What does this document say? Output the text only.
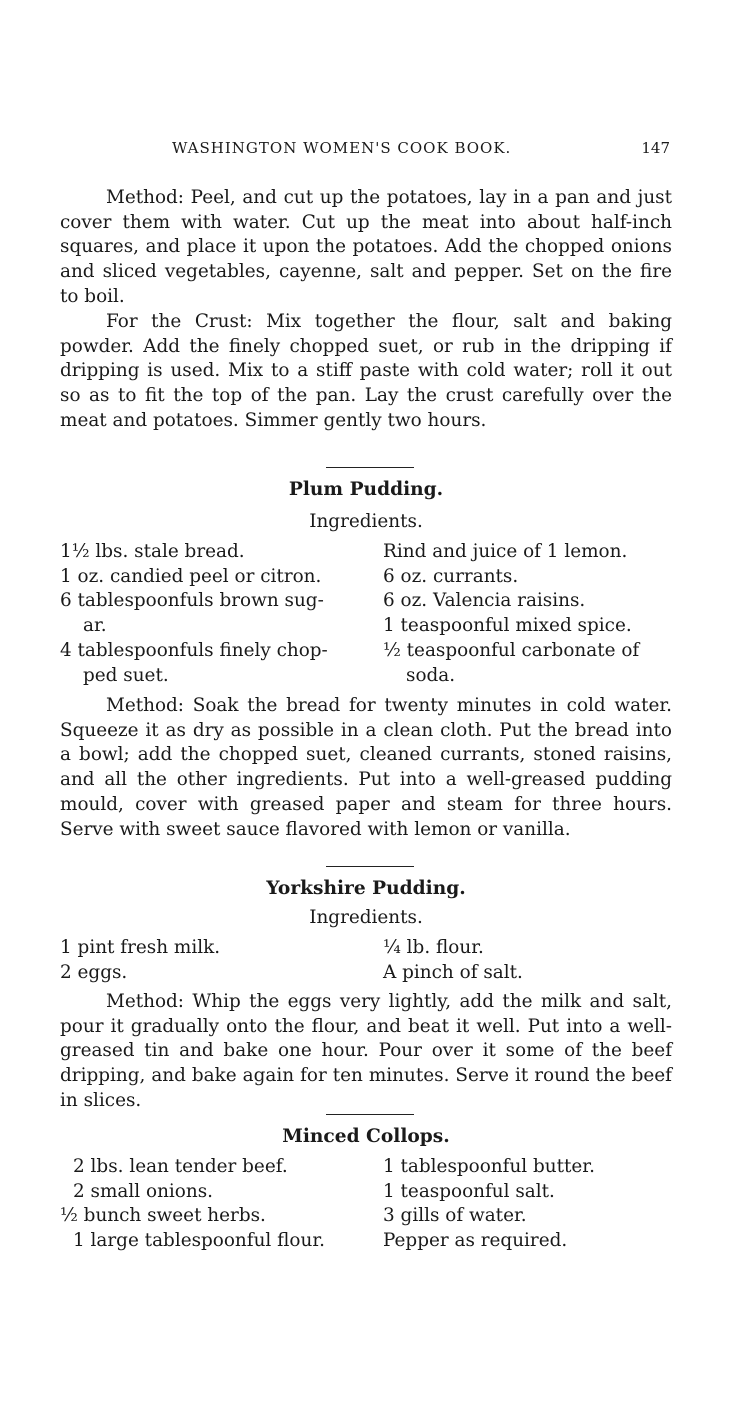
WASHINGTON WOMEN'S COOK BOOK.	147

Method: Peel, and cut up the potatoes, lay in a pan and just cover them with water. Cut up the meat into about half-inch squares, and place it upon the potatoes. Add the chopped onions and sliced vegetables, cayenne, salt and pepper. Set on the fire to boil.

For the Crust: Mix together the flour, salt and baking powder. Add the finely chopped suet, or rub in the dripping if dripping is used. Mix to a stiff paste with cold water; roll it out so as to fit the top of the pan. Lay the crust carefully over the meat and potatoes. Simmer gently two hours.

Plum Pudding.

Ingredients.

1½ lbs. stale bread.
1 oz. candied peel or citron.
6 tablespoonfuls brown sug-
ar.
4 tablespoonfuls finely chop-
ped suet.
Rind and juice of 1 lemon.
6 oz. currants.
6 oz. Valencia raisins.
1 teaspoonful mixed spice.
½ teaspoonful carbonate of
soda.

Method: Soak the bread for twenty minutes in cold water. Squeeze it as dry as possible in a clean cloth. Put the bread into a bowl; add the chopped suet, cleaned currants, stoned raisins, and all the other ingredients. Put into a well-greased pudding mould, cover with greased paper and steam for three hours. Serve with sweet sauce flavored with lemon or vanilla.

Yorkshire Pudding.

Ingredients.

1 pint fresh milk.
2 eggs.
¼ lb. flour.
A pinch of salt.

Method: Whip the eggs very lightly, add the milk and salt, pour it gradually onto the flour, and beat it well. Put into a well-greased tin and bake one hour. Pour over it some of the beef dripping, and bake again for ten minutes. Serve it round the beef in slices.

Minced Collops.

2 lbs. lean tender beef.
2 small onions.
½ bunch sweet herbs.
1 large tablespoonful flour.
1 tablespoonful butter.
1 teaspoonful salt.
3 gills of water.
Pepper as required.
